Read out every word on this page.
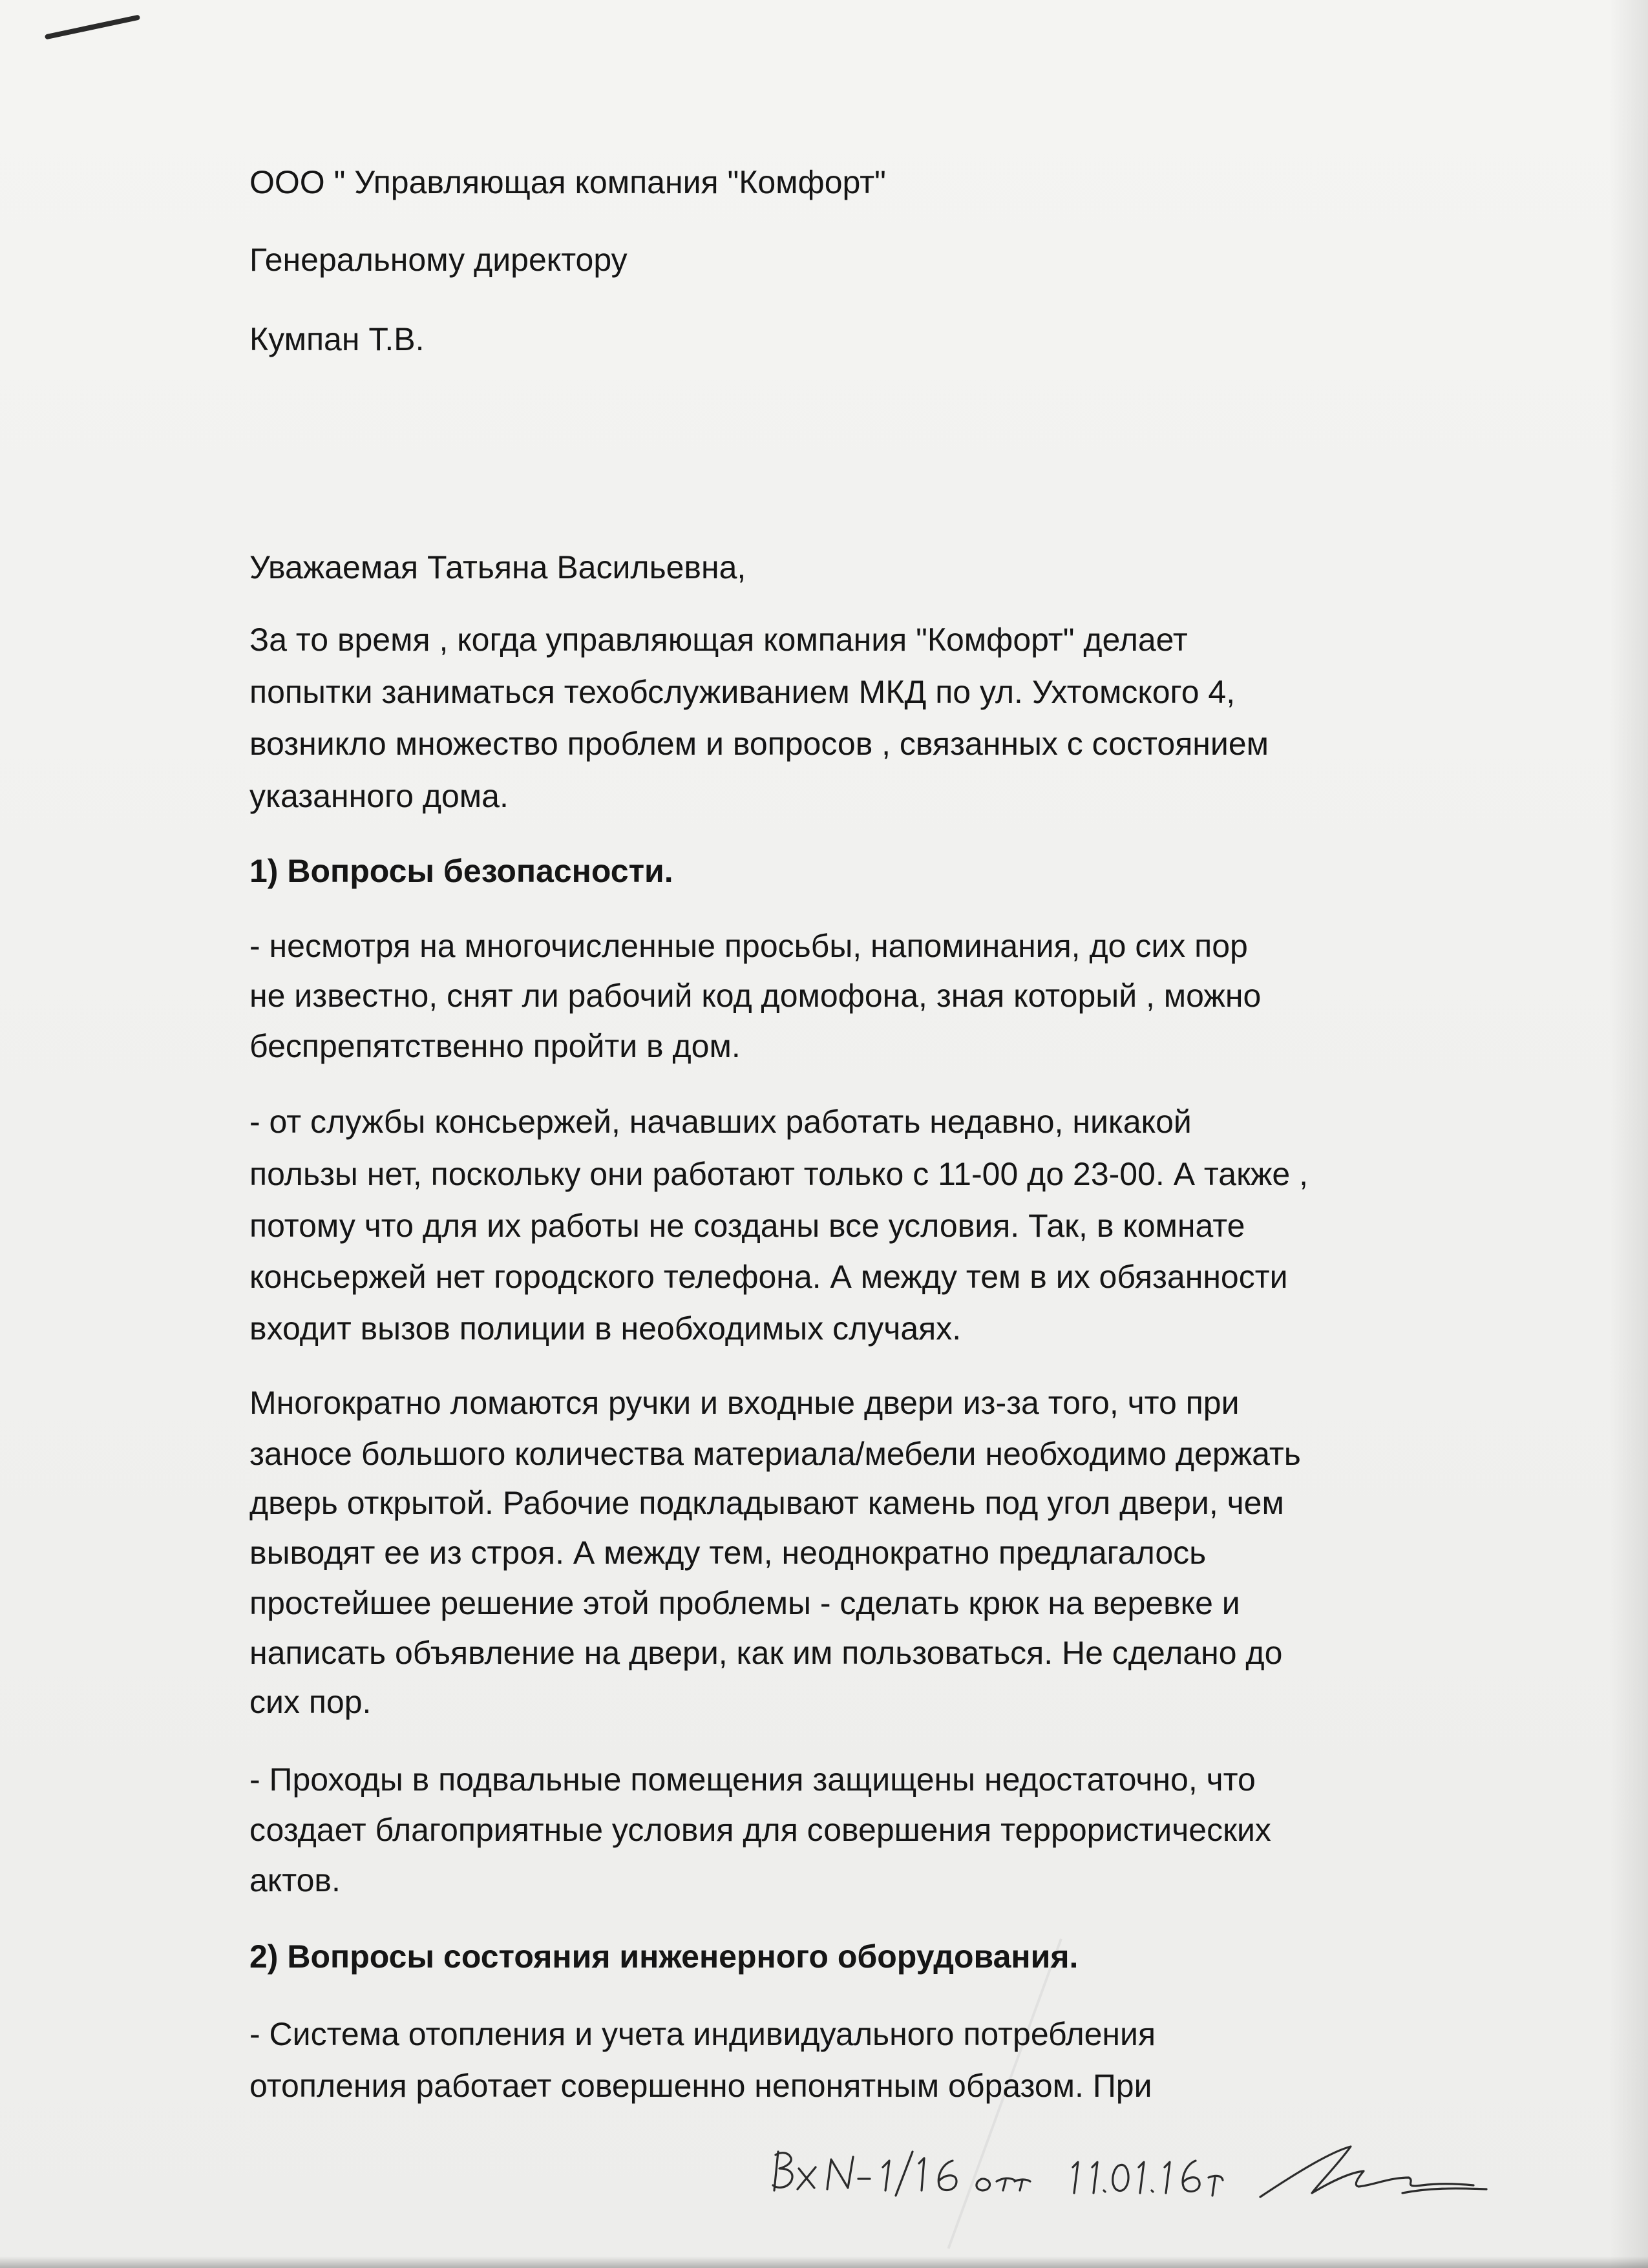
ООО " Управляющая компания "Комфорт"
Генеральному директору
Кумпан Т.В.
Уважаемая Татьяна Васильевна,
За то время , когда управляющая компания "Комфорт" делает
попытки заниматься техобслуживанием МКД по ул. Ухтомского 4,
возникло множество проблем и вопросов , связанных с состоянием
указанного дома.
1) Вопросы безопасности.
- несмотря на многочисленные просьбы, напоминания, до сих пор
не известно, снят ли рабочий код домофона, зная который , можно
беспрепятственно пройти в дом.
- от службы консьержей, начавших работать недавно, никакой
пользы нет, поскольку они работают только с 11-00 до 23-00. А также ,
потому что для их работы не созданы все условия. Так, в комнате
консьержей нет городского телефона. А между тем в их обязанности
входит вызов полиции в необходимых случаях.
Многократно ломаются ручки и входные двери из-за того, что при
заносе большого количества материала/мебели необходимо держать
дверь открытой. Рабочие подкладывают камень под угол двери, чем
выводят ее из строя. А между тем, неоднократно предлагалось
простейшее решение этой проблемы - сделать крюк на веревке и
написать объявление на двери, как им пользоваться. Не сделано до
сих пор.
- Проходы в подвальные помещения защищены недостаточно, что
создает благоприятные условия для совершения террористических
актов.
2) Вопросы состояния инженерного оборудования.
- Система отопления и учета индивидуального потребления
отопления работает совершенно непонятным образом. При
